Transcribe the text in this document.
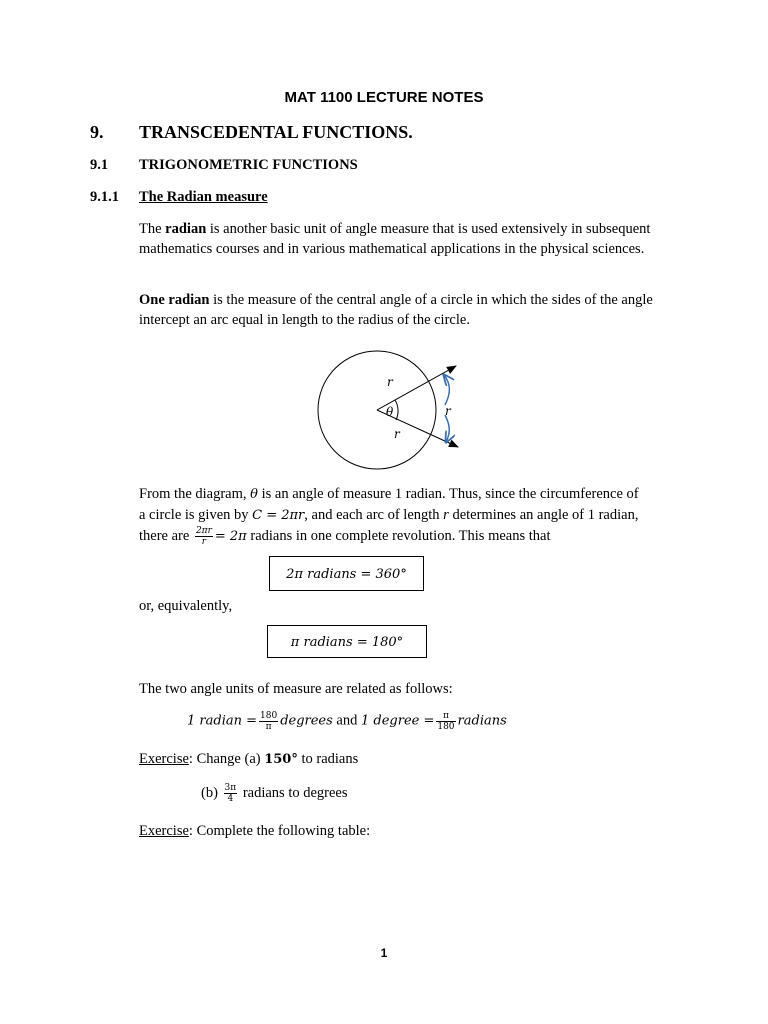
MAT 1100 LECTURE NOTES
9. TRANSCEDENTAL FUNCTIONS.
9.1 TRIGONOMETRIC FUNCTIONS
9.1.1 The Radian measure
The radian is another basic unit of angle measure that is used extensively in subsequent mathematics courses and in various mathematical applications in the physical sciences.
One radian is the measure of the central angle of a circle in which the sides of the angle intercept an arc equal in length to the radius of the circle.
r
r
r
θ
From the diagram, θ is an angle of measure 1 radian. Thus, since the circumference of
a circle is given by C = 2πr, and each arc of length r determines an angle of 1 radian,
there are $\frac{2\pi r}{r} = 2\pi$ radians in one complete revolution. This means that
2π radians = 360°
or, equivalently,
π radians = 180°
The two angle units of measure are related as follows:
1 radian = $\frac{180}{\pi}$ degrees and 1 degree = $\frac{\pi}{180}$ radians
Exercise: Change (a) 150° to radians
$(b) \frac{3\pi}{4}$ radians to degrees
Exercise: Complete the following table:
1
